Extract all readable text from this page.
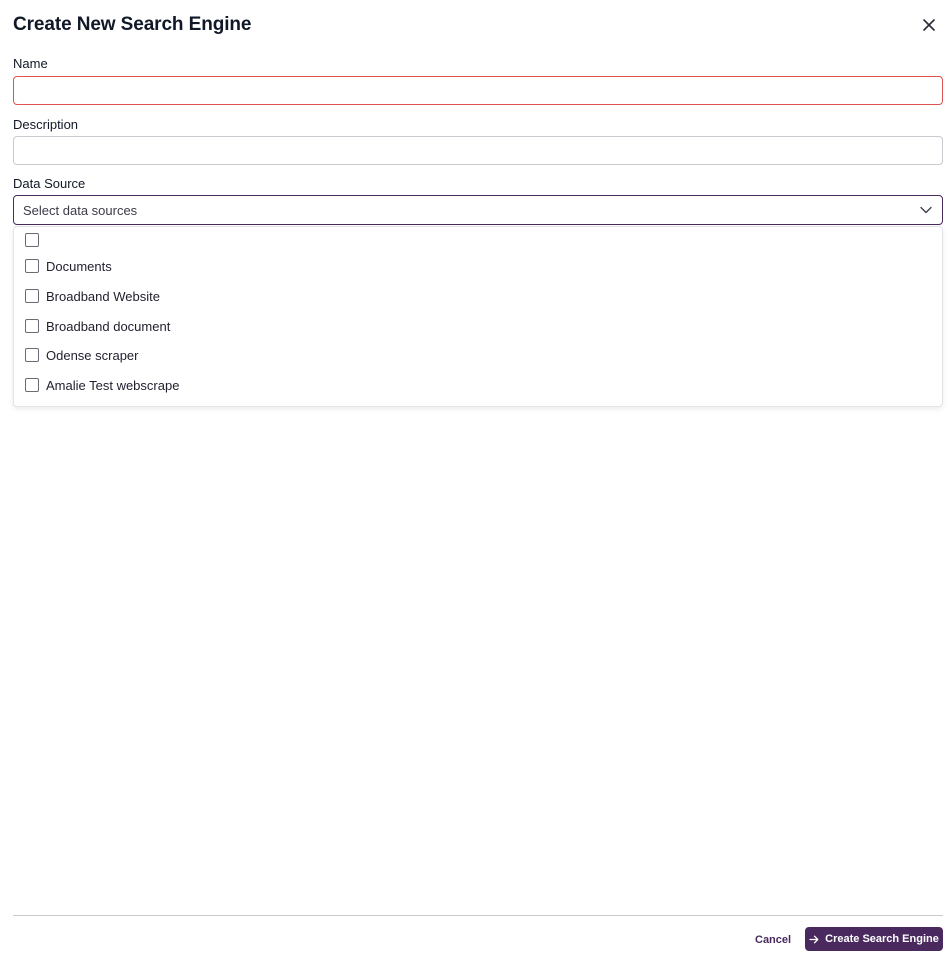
Create New Search Engine
Name
Description
Data Source
Select data sources
Documents
Broadband Website
Broadband document
Odense scraper
Amalie Test webscrape
Cancel	Create Search Engine
